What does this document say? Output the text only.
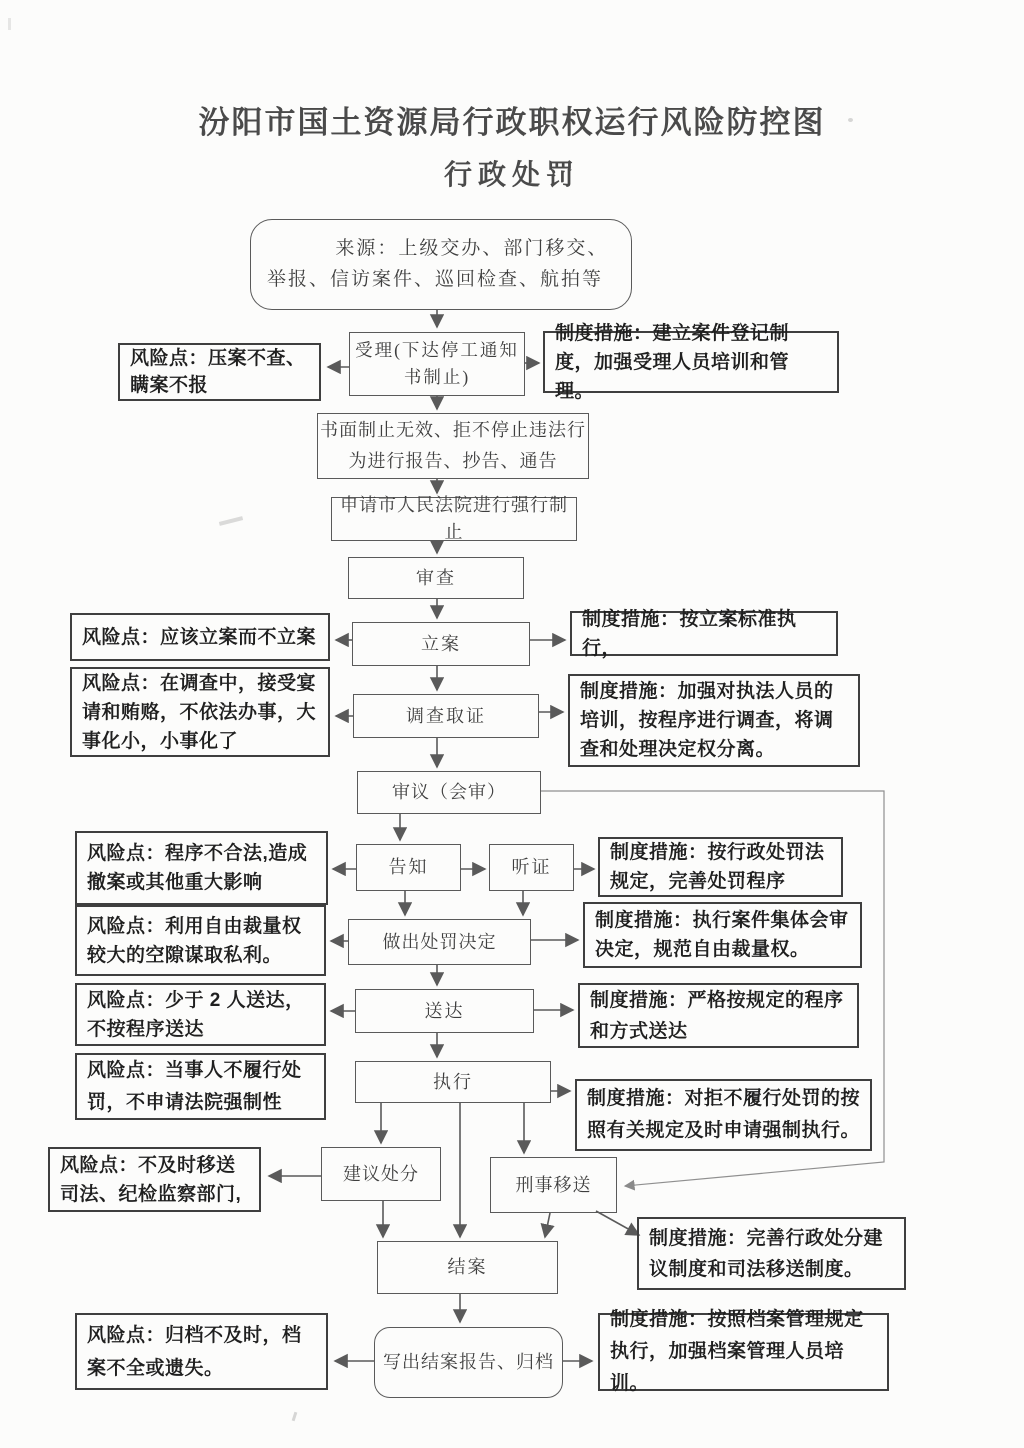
汾阳市国土资源局行政职权运行风险防控图
行政处罚
来源：上级交办、部门移交、举报、信访案件、巡回检查、航拍等
受理(下达停工通知书制止)
书面制止无效、拒不停止违法行为进行报告、抄告、通告
申请市人民法院进行强行制止
审查
立案
调查取证
审议（会审）
告知	听证
做出处罚决定
送达
执行
建议处分
刑事移送
结案
写出结案报告、归档
风险点：压案不查、瞒案不报
风险点：应该立案而不立案
风险点：在调查中，接受宴请和贿赂，不依法办事，大事化小，小事化了
风险点：程序不合法,造成撤案或其他重大影响
风险点：利用自由裁量权较大的空隙谋取私利。
风险点：少于 2 人送达，不按程序送达
风险点：当事人不履行处罚，不申请法院强制性
风险点：不及时移送司法、纪检监察部门,
风险点：归档不及时，档案不全或遗失。
制度措施：建立案件登记制度，加强受理人员培训和管理。
制度措施：按立案标准执行，
制度措施：加强对执法人员的培训，按程序进行调查，将调查和处理决定权分离。
制度措施：按行政处罚法规定，完善处罚程序
制度措施：执行案件集体会审决定，规范自由裁量权。
制度措施：严格按规定的程序和方式送达
制度措施：对拒不履行处罚的按照有关规定及时申请强制执行。
制度措施：完善行政处分建议制度和司法移送制度。
制度措施：按照档案管理规定执行，加强档案管理人员培训。
